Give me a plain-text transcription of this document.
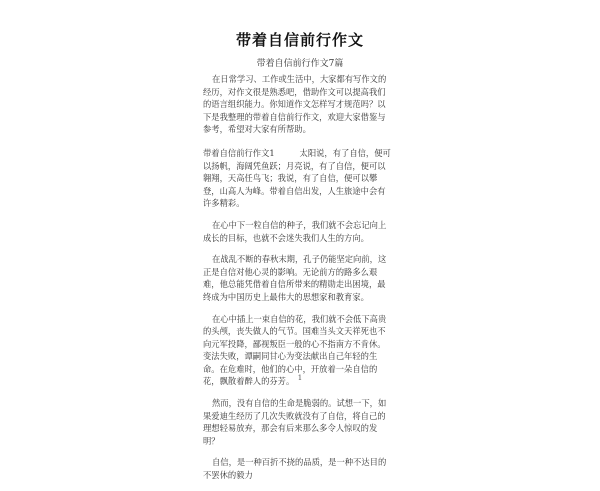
带着自信前行作文
带着自信前行作文7篇

在日常学习、工作或生活中，大家都有写作文的经历，对作文很是熟悉吧，借助作文可以提高我们的语言组织能力。你知道作文怎样写才规范吗？以下是我整理的带着自信前行作文，欢迎大家借鉴与参考，希望对大家有所帮助。

带着自信前行作文1　　　太阳说，有了自信，便可以扬帆，海阔凭鱼跃；月亮说，有了自信，便可以翱翔，天高任鸟飞；我说，有了自信，便可以攀登，山高人为峰。带着自信出发，人生旅途中会有许多精彩。

在心中下一粒自信的种子，我们就不会忘记向上成长的目标，也就不会迷失我们人生的方向。

在战乱不断的春秋末期，孔子仍能坚定向前，这正是自信对他心灵的影响。无论前方的路多么艰难，他总能凭借着自信所带来的精勋走出困境，最终成为中国历史上最伟大的思想家和教育家。

在心中插上一束自信的花，我们就不会低下高贵的头颅，丧失做人的气节。国难当头文天祥死也不向元军投降，鄙视叛臣一般的心不指南方不肯休。变法失败，谭嗣同甘心为变法献出自己年轻的生命。在危难时，他们的心中，开放着一朵自信的花，飘散着醉人的芬芳。

然而，没有自信的生命是脆弱的。试想一下，如果爱迪生经历了几次失败就没有了自信，将自己的理想轻易放弃，那会有后来那么多令人惊叹的发明？

自信，是一种百折不挠的品质，是一种不达目的不罢休的毅力

1
